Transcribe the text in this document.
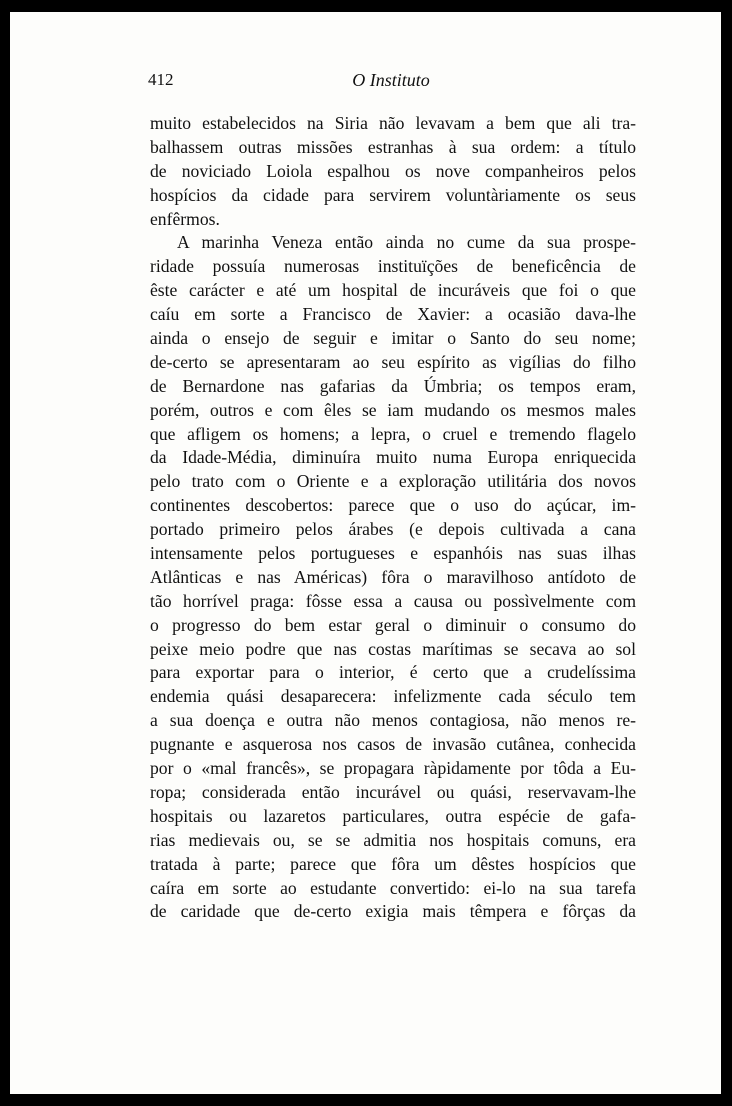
412	O Instituto
muito estabelecidos na Siria não levavam a bem que ali tra-
balhassem outras missões estranhas à sua ordem: a título
de noviciado Loiola espalhou os nove companheiros pelos
hospícios da cidade para servirem voluntàriamente os seus
enfêrmos.
A marinha Veneza então ainda no cume da sua prospe-
ridade possuía numerosas instituïções de beneficência de
êste carácter e até um hospital de incuráveis que foi o que
caíu em sorte a Francisco de Xavier: a ocasião dava-lhe
ainda o ensejo de seguir e imitar o Santo do seu nome;
de-certo se apresentaram ao seu espírito as vigílias do filho
de Bernardone nas gafarias da Úmbria; os tempos eram,
porém, outros e com êles se iam mudando os mesmos males
que afligem os homens; a lepra, o cruel e tremendo flagelo
da Idade-Média, diminuíra muito numa Europa enriquecida
pelo trato com o Oriente e a exploração utilitária dos novos
continentes descobertos: parece que o uso do açúcar, im-
portado primeiro pelos árabes (e depois cultivada a cana
intensamente pelos portugueses e espanhóis nas suas ilhas
Atlânticas e nas Américas) fôra o maravilhoso antídoto de
tão horrível praga: fôsse essa a causa ou possìvelmente com
o progresso do bem estar geral o diminuir o consumo do
peixe meio podre que nas costas marítimas se secava ao sol
para exportar para o interior, é certo que a crudelíssima
endemia quási desaparecera: infelizmente cada século tem
a sua doença e outra não menos contagiosa, não menos re-
pugnante e asquerosa nos casos de invasão cutânea, conhecida
por o «mal francês», se propagara ràpidamente por tôda a Eu-
ropa; considerada então incurável ou quási, reservavam-lhe
hospitais ou lazaretos particulares, outra espécie de gafa-
rias medievais ou, se se admitia nos hospitais comuns, era
tratada à parte; parece que fôra um dêstes hospícios que
caíra em sorte ao estudante convertido: ei-lo na sua tarefa
de caridade que de-certo exigia mais têmpera e fôrças da
